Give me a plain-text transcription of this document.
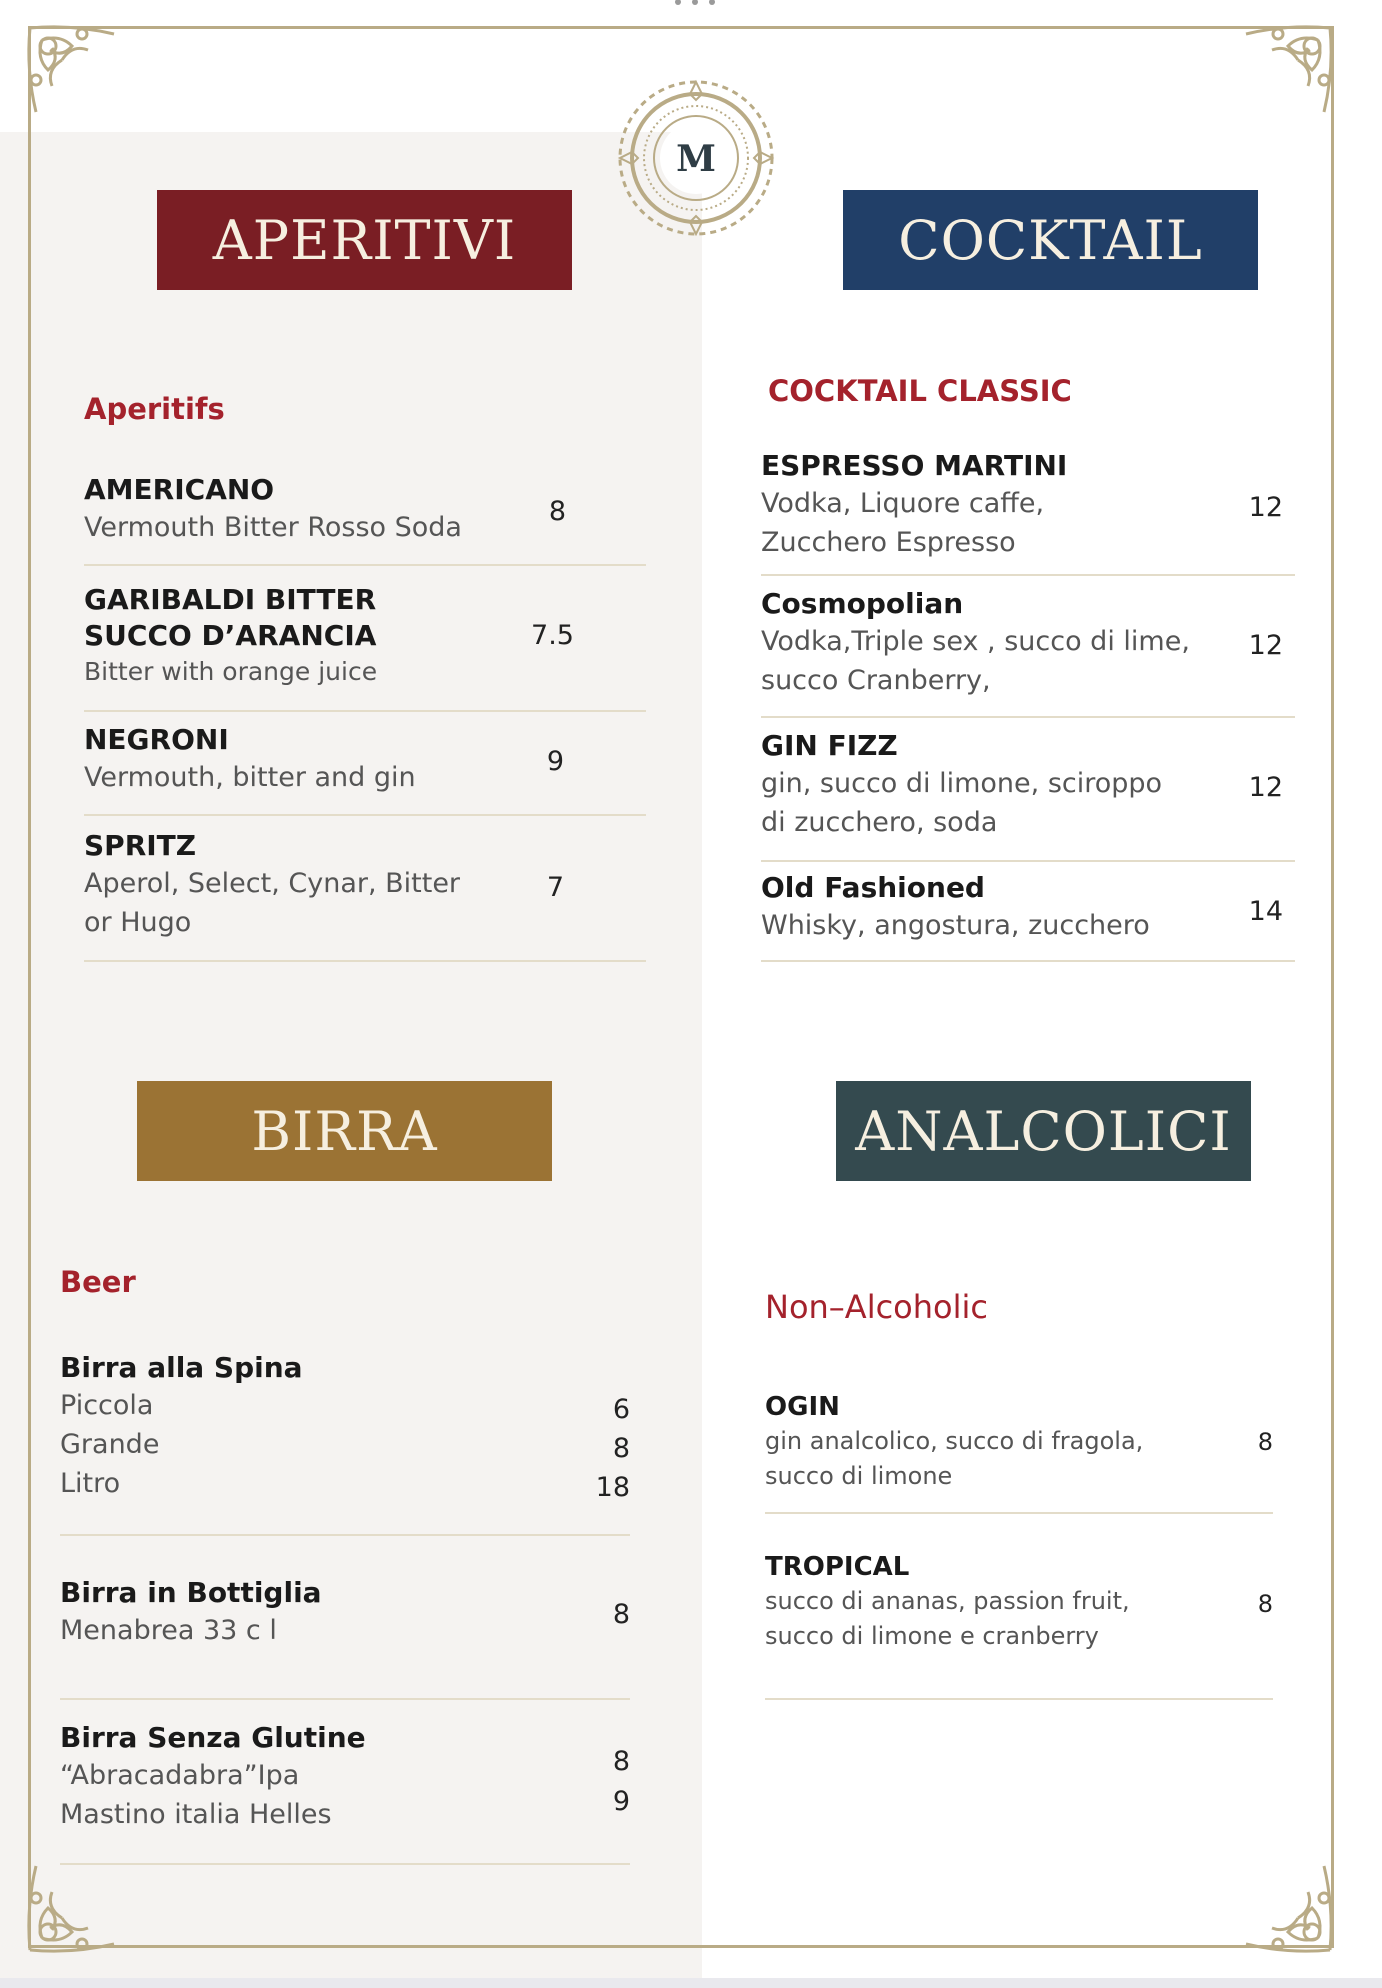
M
APERITIVI
Aperitifs
AMERICANO
Vermouth Bitter Rosso Soda
8
GARIBALDI BITTER SUCCO D’ARANCIA
Bitter with orange juice
7.5
NEGRONI
Vermouth, bitter and gin
9
SPRITZ
Aperol, Select, Cynar, Bitter or Hugo
7
COCKTAIL
COCKTAIL CLASSIC
ESPRESSO MARTINI
Vodka, Liquore caffe, Zucchero Espresso
12
Cosmopolian
Vodka,Triple sex , succo di lime, succo Cranberry,
12
GIN FIZZ
gin, succo di limone, sciroppo di zucchero, soda
12
Old Fashioned
Whisky, angostura, zucchero	14
BIRRA
Beer
Birra alla Spina
Piccola
Grande
Litro
6
8
18
Birra in Bottiglia
Menabrea 33 c l
8
Birra Senza Glutine
“Abracadabra”Ipa
Mastino italia Helles
8
9
ANALCOLICI
Non–Alcoholic
OGIN
gin analcolico, succo di fragola, succo di limone
8
TROPICAL
succo di ananas, passion fruit, succo di limone e cranberry
8
